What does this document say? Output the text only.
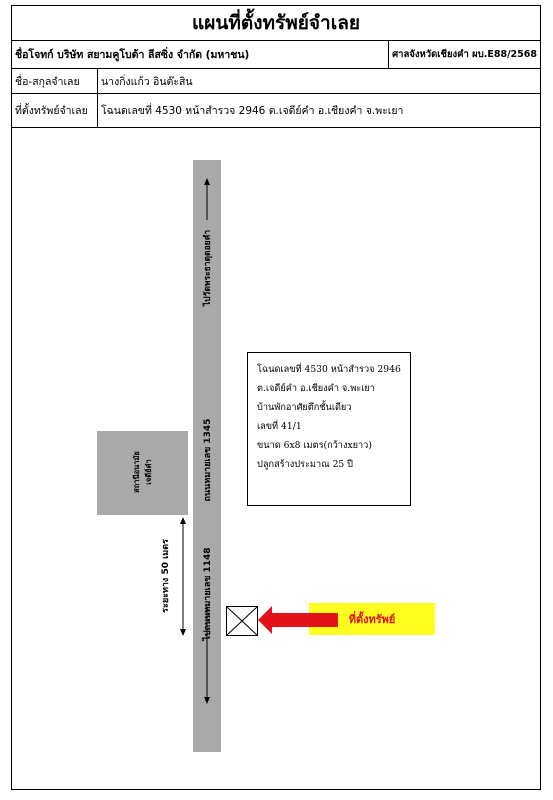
แผนที่ตั้งทรัพย์จำเลย
ชื่อโจทก์ บริษัท สยามคูโบต้า ลีสซิ่ง จำกัด (มหาชน)	ศาลจังหวัดเชียงคำ ผบ.E88/2568
ชื่อ-สกุลจำเลย	นางกิ่งแก้ว อินต๊ะสิน
ที่ตั้งทรัพย์จำเลย	โฉนดเลขที่ 4530 หน้าสำรวจ 2946 ต.เจดีย์คำ อ.เชียงคำ จ.พะเยา
ไปวัดพระธาตุดอยคำ
ถนนหมายเลข 1345
ไปถนนหมายเลข 1148
สถานีอนามัย เจดีย์คำ
ระยะทาง 50 เมตร
โฉนดเลขที่ 4530 หน้าสำรวจ 2946
ต.เจดีย์คำ อ.เชียงคำ จ.พะเยา
บ้านพักอาศัยตึกชั้นเดียว
เลขที่ 41/1
ขนาด 6x8 เมตร(กว้างxยาว)
ปลูกสร้างประมาณ 25 ปี
ที่ตั้งทรัพย์
